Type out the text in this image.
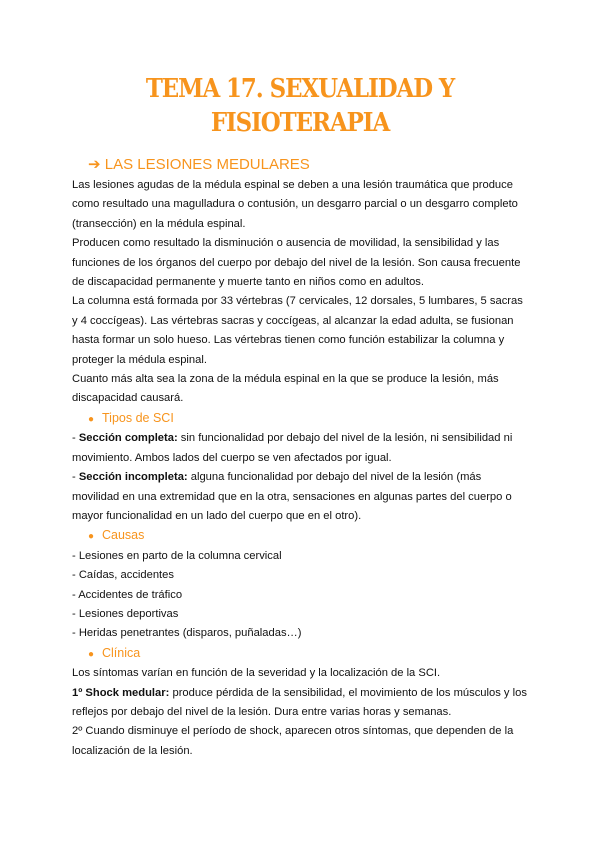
TEMA 17. SEXUALIDAD Y
FISIOTERAPIA
➔ LAS LESIONES MEDULARES

Las lesiones agudas de la médula espinal se deben a una lesión traumática que produce

como resultado una magulladura o contusión, un desgarro parcial o un desgarro completo

(transección) en la médula espinal.

Producen como resultado la disminución o ausencia de movilidad, la sensibilidad y las

funciones de los órganos del cuerpo por debajo del nivel de la lesión. Son causa frecuente

de discapacidad permanente y muerte tanto en niños como en adultos.

La columna está formada por 33 vértebras (7 cervicales, 12 dorsales, 5 lumbares, 5 sacras

y 4 coccígeas). Las vértebras sacras y coccígeas, al alcanzar la edad adulta, se fusionan

hasta formar un solo hueso. Las vértebras tienen como función estabilizar la columna y

proteger la médula espinal.

Cuanto más alta sea la zona de la médula espinal en la que se produce la lesión, más

discapacidad causará.

● Tipos de SCI

- Sección completa: sin funcionalidad por debajo del nivel de la lesión, ni sensibilidad ni

movimiento. Ambos lados del cuerpo se ven afectados por igual.

- Sección incompleta: alguna funcionalidad por debajo del nivel de la lesión (más

movilidad en una extremidad que en la otra, sensaciones en algunas partes del cuerpo o

mayor funcionalidad en un lado del cuerpo que en el otro).

● Causas

- Lesiones en parto de la columna cervical

- Caídas, accidentes

- Accidentes de tráfico

- Lesiones deportivas

- Heridas penetrantes (disparos, puñaladas…)

● Clínica

Los síntomas varían en función de la severidad y la localización de la SCI.

1º Shock medular: produce pérdida de la sensibilidad, el movimiento de los músculos y los

reflejos por debajo del nivel de la lesión. Dura entre varias horas y semanas.

2º Cuando disminuye el período de shock, aparecen otros síntomas, que dependen de la

localización de la lesión.
